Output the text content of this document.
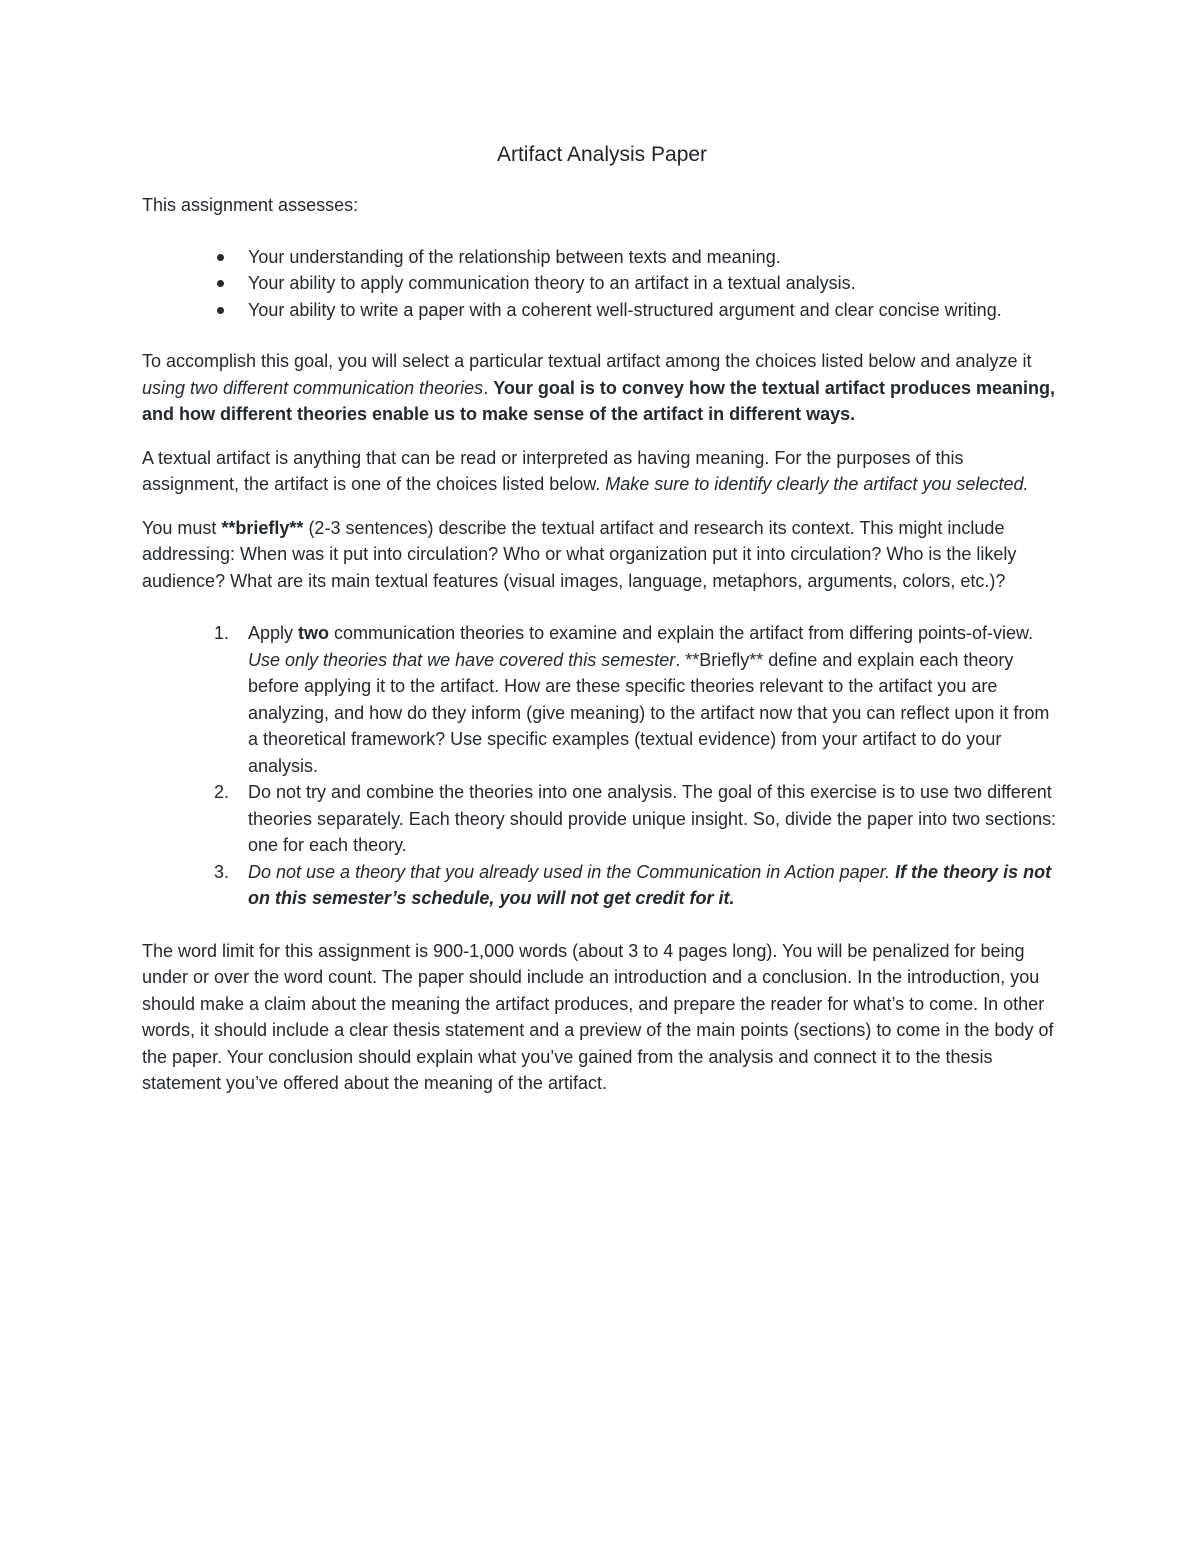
Artifact Analysis Paper

This assignment assesses:

Your understanding of the relationship between texts and meaning.
Your ability to apply communication theory to an artifact in a textual analysis.
Your ability to write a paper with a coherent well-structured argument and clear concise writing.

To accomplish this goal, you will select a particular textual artifact among the choices listed below and analyze it using two different communication theories. Your goal is to convey how the textual artifact produces meaning, and how different theories enable us to make sense of the artifact in different ways.

A textual artifact is anything that can be read or interpreted as having meaning. For the purposes of this assignment, the artifact is one of the choices listed below. Make sure to identify clearly the artifact you selected.

You must **briefly** (2-3 sentences) describe the textual artifact and research its context. This might include addressing: When was it put into circulation? Who or what organization put it into circulation? Who is the likely audience? What are its main textual features (visual images, language, metaphors, arguments, colors, etc.)?

1. Apply two communication theories to examine and explain the artifact from differing points-of-view. Use only theories that we have covered this semester. **Briefly** define and explain each theory before applying it to the artifact. How are these specific theories relevant to the artifact you are analyzing, and how do they inform (give meaning) to the artifact now that you can reflect upon it from a theoretical framework? Use specific examples (textual evidence) from your artifact to do your analysis.
2. Do not try and combine the theories into one analysis. The goal of this exercise is to use two different theories separately. Each theory should provide unique insight. So, divide the paper into two sections: one for each theory.
3. Do not use a theory that you already used in the Communication in Action paper. If the theory is not on this semester’s schedule, you will not get credit for it.

The word limit for this assignment is 900-1,000 words (about 3 to 4 pages long). You will be penalized for being under or over the word count. The paper should include an introduction and a conclusion. In the introduction, you should make a claim about the meaning the artifact produces, and prepare the reader for what’s to come. In other words, it should include a clear thesis statement and a preview of the main points (sections) to come in the body of the paper. Your conclusion should explain what you’ve gained from the analysis and connect it to the thesis statement you’ve offered about the meaning of the artifact.
